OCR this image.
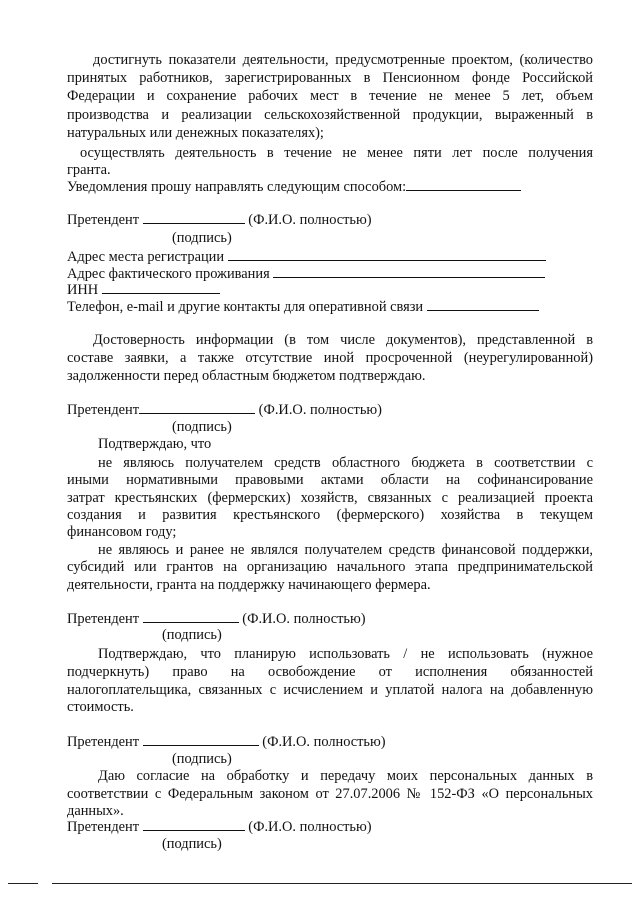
достигнуть показатели деятельности, предусмотренные проектом, (количество
принятых работников, зарегистрированных в Пенсионном фонде Российской
Федерации и сохранение рабочих мест в течение не менее 5 лет, объем
производства и реализации сельскохозяйственной продукции, выраженный в
натуральных или денежных показателях);
осуществлять деятельность в течение не менее пяти лет после получения
гранта.
Уведомления прошу направлять следующим способом:
Претендент	(Ф.И.О. полностью)
(подпись)
Адрес места регистрации
Адрес фактического проживания
ИНН
Телефон, e-mail и другие контакты для оперативной связи
Достоверность информации (в том числе документов), представленной в
составе заявки, а также отсутствие иной просроченной (неурегулированной)
задолженности перед областным бюджетом подтверждаю.
Претендент	(Ф.И.О. полностью)
(подпись)
Подтверждаю, что
не являюсь получателем средств областного бюджета в соответствии с
иными нормативными правовыми актами области на софинансирование
затрат крестьянских (фермерских) хозяйств, связанных с реализацией проекта
создания и развития крестьянского (фермерского) хозяйства в текущем
финансовом году;
не являюсь и ранее не являлся получателем средств финансовой поддержки,
субсидий или грантов на организацию начального этапа предпринимательской
деятельности, гранта на поддержку начинающего фермера.
Претендент	(Ф.И.О. полностью)
(подпись)
Подтверждаю, что планирую использовать / не использовать (нужное
подчеркнуть) право на освобождение от исполнения обязанностей
налогоплательщика, связанных с исчислением и уплатой налога на добавленную
стоимость.
Претендент	(Ф.И.О. полностью)
(подпись)
Даю согласие на обработку и передачу моих персональных данных в
соответствии с Федеральным законом от 27.07.2006 № 152-ФЗ «О персональных
данных».
Претендент	(Ф.И.О. полностью)
(подпись)
